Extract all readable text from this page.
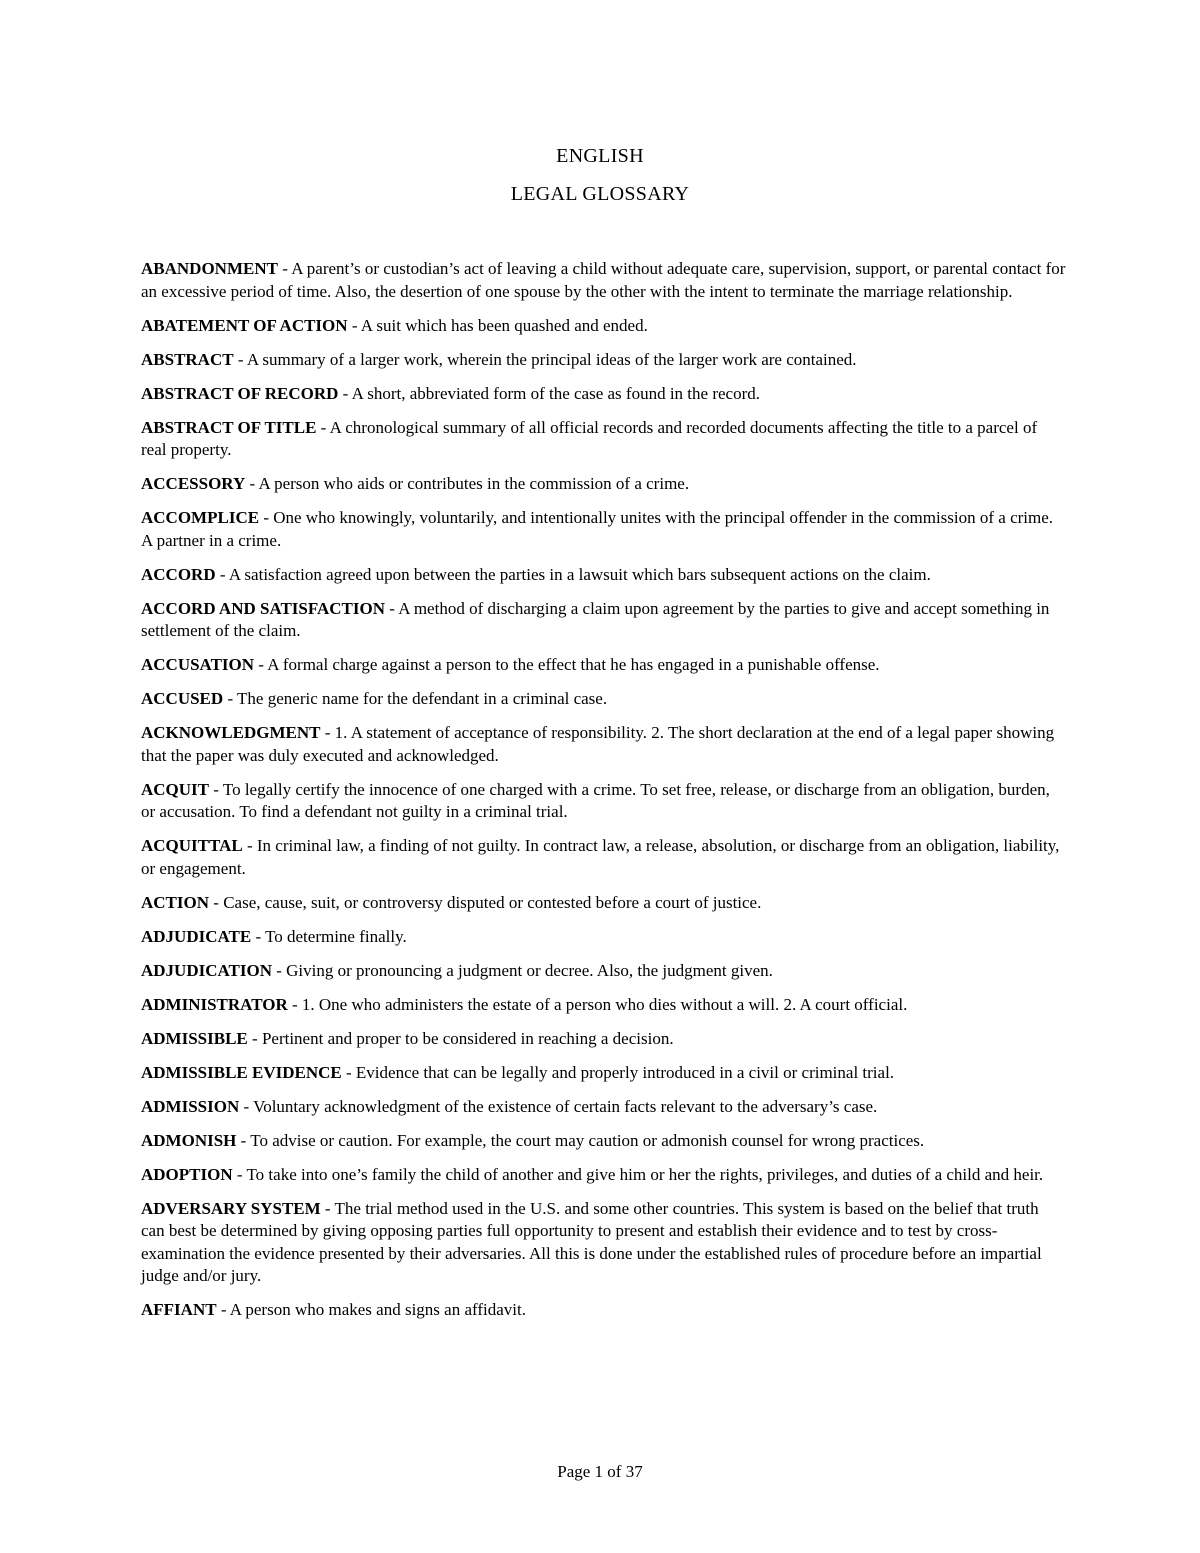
ENGLISH
LEGAL GLOSSARY

ABANDONMENT - A parent’s or custodian’s act of leaving a child without adequate care, supervision, support, or parental contact for an excessive period of time. Also, the desertion of one spouse by the other with the intent to terminate the marriage relationship.

ABATEMENT OF ACTION - A suit which has been quashed and ended.

ABSTRACT - A summary of a larger work, wherein the principal ideas of the larger work are contained.

ABSTRACT OF RECORD - A short, abbreviated form of the case as found in the record.

ABSTRACT OF TITLE - A chronological summary of all official records and recorded documents affecting the title to a parcel of real property.

ACCESSORY - A person who aids or contributes in the commission of a crime.

ACCOMPLICE - One who knowingly, voluntarily, and intentionally unites with the principal offender in the commission of a crime. A partner in a crime.

ACCORD - A satisfaction agreed upon between the parties in a lawsuit which bars subsequent actions on the claim.

ACCORD AND SATISFACTION - A method of discharging a claim upon agreement by the parties to give and accept something in settlement of the claim.

ACCUSATION - A formal charge against a person to the effect that he has engaged in a punishable offense.

ACCUSED - The generic name for the defendant in a criminal case.

ACKNOWLEDGMENT - 1. A statement of acceptance of responsibility. 2. The short declaration at the end of a legal paper showing that the paper was duly executed and acknowledged.

ACQUIT - To legally certify the innocence of one charged with a crime. To set free, release, or discharge from an obligation, burden, or accusation. To find a defendant not guilty in a criminal trial.

ACQUITTAL - In criminal law, a finding of not guilty. In contract law, a release, absolution, or discharge from an obligation, liability, or engagement.

ACTION - Case, cause, suit, or controversy disputed or contested before a court of justice.

ADJUDICATE - To determine finally.

ADJUDICATION - Giving or pronouncing a judgment or decree. Also, the judgment given.

ADMINISTRATOR - 1. One who administers the estate of a person who dies without a will. 2. A court official.

ADMISSIBLE - Pertinent and proper to be considered in reaching a decision.

ADMISSIBLE EVIDENCE - Evidence that can be legally and properly introduced in a civil or criminal trial.

ADMISSION - Voluntary acknowledgment of the existence of certain facts relevant to the adversary’s case.

ADMONISH - To advise or caution. For example, the court may caution or admonish counsel for wrong practices.

ADOPTION - To take into one’s family the child of another and give him or her the rights, privileges, and duties of a child and heir.

ADVERSARY SYSTEM - The trial method used in the U.S. and some other countries. This system is based on the belief that truth can best be determined by giving opposing parties full opportunity to present and establish their evidence and to test by cross-examination the evidence presented by their adversaries. All this is done under the established rules of procedure before an impartial judge and/or jury.

AFFIANT - A person who makes and signs an affidavit.

Page 1 of 37
